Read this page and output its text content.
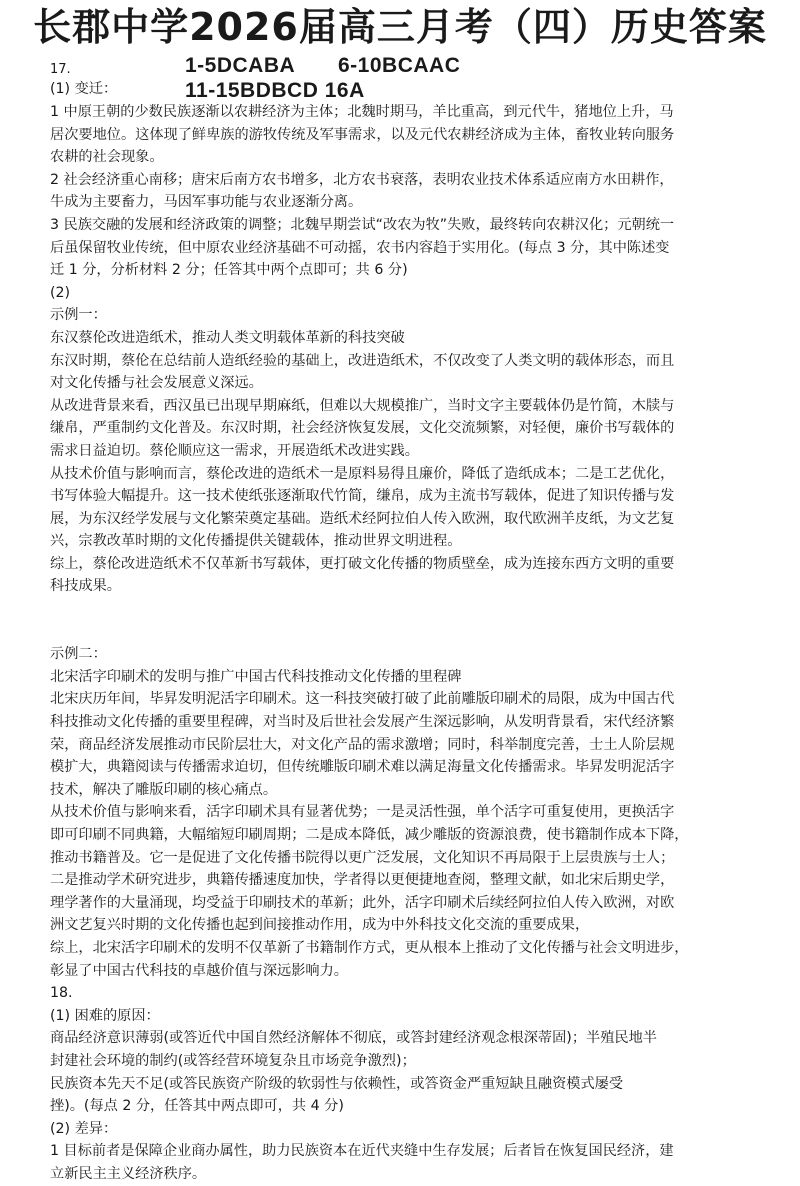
长郡中学2026届高三月考（四）历史答案
17.	1-5DCABA 6-10BCAAC
11-15BDBCD 16A
(1) 变迁：
1 中原王朝的少数民族逐渐以农耕经济为主体；北魏时期马，羊比重高，到元代牛，猪地位上升，马
居次要地位。这体现了鲜卑族的游牧传统及军事需求，以及元代农耕经济成为主体，畜牧业转向服务
农耕的社会现象。
2 社会经济重心南移；唐宋后南方农书增多，北方农书衰落，表明农业技术体系适应南方水田耕作，
牛成为主要畜力，马因军事功能与农业逐渐分离。
3 民族交融的发展和经济政策的调整；北魏早期尝试“改农为牧”失败，最终转向农耕汉化；元朝统一
后虽保留牧业传统，但中原农业经济基础不可动摇，农书内容趋于实用化。(每点 3 分，其中陈述变
迁 1 分，分析材料 2 分；任答其中两个点即可；共 6 分)
(2)
示例一：
东汉蔡伦改进造纸术，推动人类文明载体革新的科技突破
东汉时期，蔡伦在总结前人造纸经验的基础上，改进造纸术，不仅改变了人类文明的载体形态，而且
对文化传播与社会发展意义深远。
从改进背景来看，西汉虽已出现早期麻纸，但难以大规模推广，当时文字主要载体仍是竹简，木牍与
缣帛，严重制约文化普及。东汉时期，社会经济恢复发展，文化交流频繁，对轻便，廉价书写载体的
需求日益迫切。蔡伦顺应这一需求，开展造纸术改进实践。
从技术价值与影响而言，蔡伦改进的造纸术一是原料易得且廉价，降低了造纸成本；二是工艺优化，
书写体验大幅提升。这一技术使纸张逐渐取代竹简，缣帛，成为主流书写载体，促进了知识传播与发
展，为东汉经学发展与文化繁荣奠定基础。造纸术经阿拉伯人传入欧洲，取代欧洲羊皮纸，为文艺复
兴，宗教改革时期的文化传播提供关键载体，推动世界文明进程。
综上，蔡伦改进造纸术不仅革新书写载体，更打破文化传播的物质壁垒，成为连接东西方文明的重要
科技成果。
示例二：
北宋活字印刷术的发明与推广中国古代科技推动文化传播的里程碑
北宋庆历年间，毕昇发明泥活字印刷术。这一科技突破打破了此前雕版印刷术的局限，成为中国古代
科技推动文化传播的重要里程碑，对当时及后世社会发展产生深远影响，从发明背景看，宋代经济繁
荣，商品经济发展推动市民阶层壮大，对文化产品的需求激增；同时，科举制度完善，士土人阶层规
模扩大，典籍阅读与传播需求迫切，但传统雕版印刷术难以满足海量文化传播需求。毕昇发明泥活字
技术，解决了雕版印刷的核心痛点。
从技术价值与影响来看，活字印刷术具有显著优势；一是灵活性强，单个活字可重复使用，更换活字
即可印刷不同典籍，大幅缩短印刷周期；二是成本降低，减少雕版的资源浪费，使书籍制作成本下降，
推动书籍普及。它一是促进了文化传播书院得以更广泛发展，文化知识不再局限于上层贵族与士人；
二是推动学术研究进步，典籍传播速度加快，学者得以更便捷地查阅，整理文献，如北宋后期史学，
理学著作的大量涌现，均受益于印刷技术的革新；此外，活字印刷术后续经阿拉伯人传入欧洲，对欧
洲文艺复兴时期的文化传播也起到间接推动作用，成为中外科技文化交流的重要成果，
综上，北宋活字印刷术的发明不仅革新了书籍制作方式，更从根本上推动了文化传播与社会文明进步，
彰显了中国古代科技的卓越价值与深远影响力。
18.
(1) 困难的原因：
商品经济意识薄弱(或答近代中国自然经济解体不彻底，或答封建经济观念根深蒂固)；半殖民地半
封建社会环境的制约(或答经营环境复杂且市场竞争激烈)；
民族资本先天不足(或答民族资产阶级的软弱性与依赖性，或答资金严重短缺且融资模式屡受
挫)。(每点 2 分，任答其中两点即可，共 4 分)
(2) 差异：
1 目标前者是保障企业商办属性，助力民族资本在近代夹缝中生存发展；后者旨在恢复国民经济，建
立新民主主义经济秩序。
